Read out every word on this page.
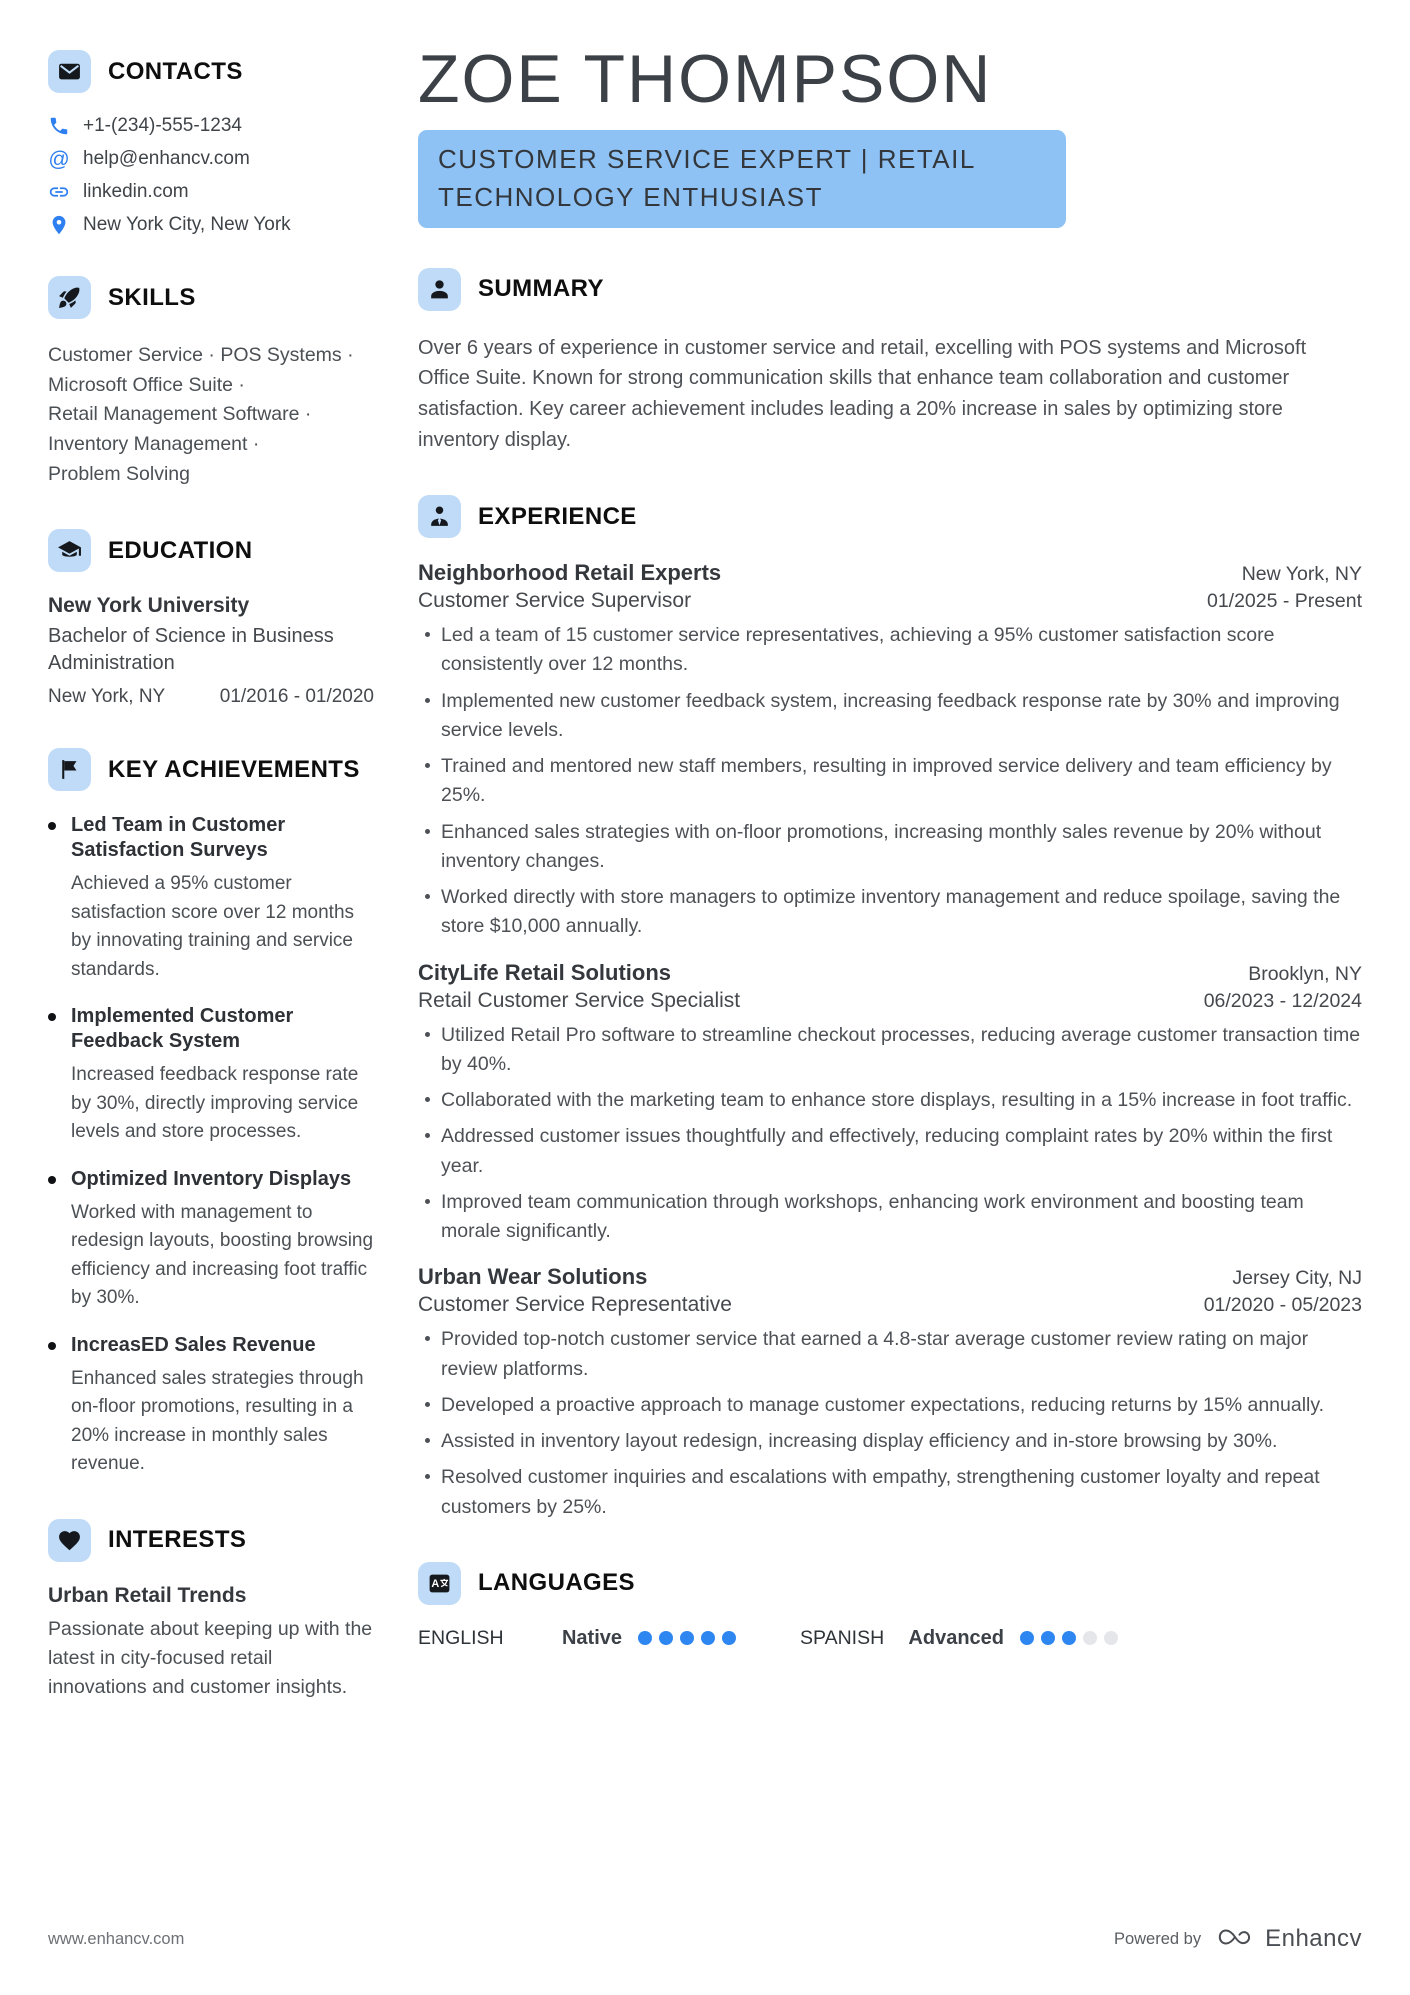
CONTACTS
+1-(234)-555-1234
@ help@enhancv.com
linkedin.com
New York City, New York
SKILLS
Customer Service · POS Systems · Microsoft Office Suite · Retail Management Software · Inventory Management · Problem Solving
EDUCATION
New York University
Bachelor of Science in Business Administration
New York, NY	01/2016 - 01/2020
KEY ACHIEVEMENTS
Led Team in Customer Satisfaction Surveys
Achieved a 95% customer satisfaction score over 12 months by innovating training and service standards.
Implemented Customer Feedback System
Increased feedback response rate by 30%, directly improving service levels and store processes.
Optimized Inventory Displays
Worked with management to redesign layouts, boosting browsing efficiency and increasing foot traffic by 30%.
IncreasED Sales Revenue
Enhanced sales strategies through on-floor promotions, resulting in a 20% increase in monthly sales revenue.
INTERESTS
Urban Retail Trends
Passionate about keeping up with the latest in city-focused retail innovations and customer insights.
ZOE THOMPSON
CUSTOMER SERVICE EXPERT | RETAIL TECHNOLOGY ENTHUSIAST
SUMMARY
Over 6 years of experience in customer service and retail, excelling with POS systems and Microsoft Office Suite. Known for strong communication skills that enhance team collaboration and customer satisfaction. Key career achievement includes leading a 20% increase in sales by optimizing store inventory display.
EXPERIENCE
Neighborhood Retail Experts	New York, NY
Customer Service Supervisor	01/2025 - Present
Led a team of 15 customer service representatives, achieving a 95% customer satisfaction score consistently over 12 months.
Implemented new customer feedback system, increasing feedback response rate by 30% and improving service levels.
Trained and mentored new staff members, resulting in improved service delivery and team efficiency by 25%.
Enhanced sales strategies with on-floor promotions, increasing monthly sales revenue by 20% without inventory changes.
Worked directly with store managers to optimize inventory management and reduce spoilage, saving the store $10,000 annually.
CityLife Retail Solutions	Brooklyn, NY
Retail Customer Service Specialist	06/2023 - 12/2024
Utilized Retail Pro software to streamline checkout processes, reducing average customer transaction time by 40%.
Collaborated with the marketing team to enhance store displays, resulting in a 15% increase in foot traffic.
Addressed customer issues thoughtfully and effectively, reducing complaint rates by 20% within the first year.
Improved team communication through workshops, enhancing work environment and boosting team morale significantly.
Urban Wear Solutions	Jersey City, NJ
Customer Service Representative	01/2020 - 05/2023
Provided top-notch customer service that earned a 4.8-star average customer review rating on major review platforms.
Developed a proactive approach to manage customer expectations, reducing returns by 15% annually.
Assisted in inventory layout redesign, increasing display efficiency and in-store browsing by 30%.
Resolved customer inquiries and escalations with empathy, strengthening customer loyalty and repeat customers by 25%.
A LANGUAGES
ENGLISH	Native	SPANISH Advanced
www.enhancv.com	Powered by	Enhancv
